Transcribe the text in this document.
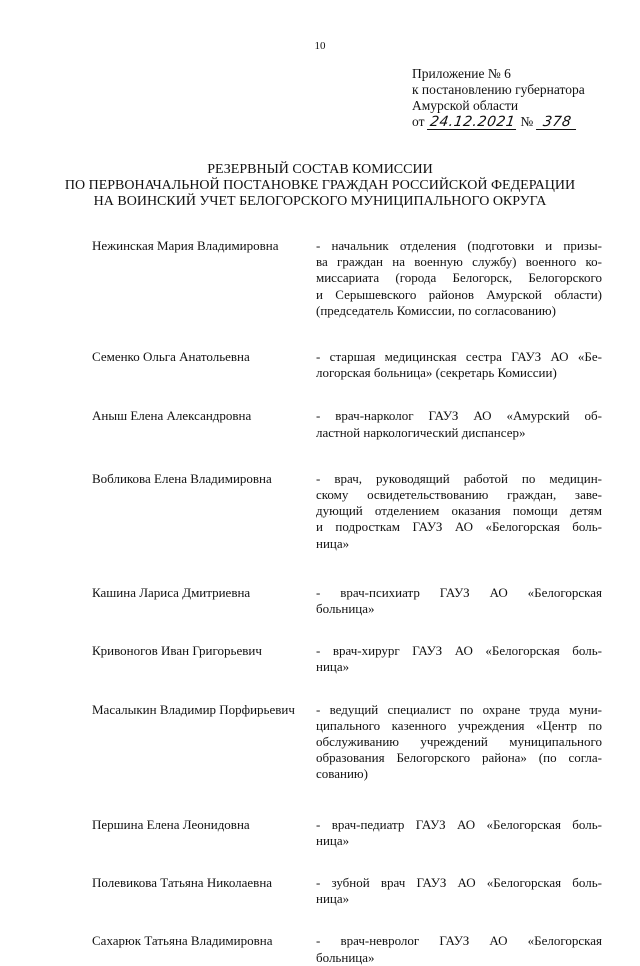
10
Приложение № 6
к постановлению губернатора
Амурской области
от 24.12.2021 № 378
РЕЗЕРВНЫЙ СОСТАВ КОМИССИИ
ПО ПЕРВОНАЧАЛЬНОЙ ПОСТАНОВКЕ ГРАЖДАН РОССИЙСКОЙ ФЕДЕРАЦИИ
НА ВОИНСКИЙ УЧЕТ БЕЛОГОРСКОГО МУНИЦИПАЛЬНОГО ОКРУГА
Нежинская Мария Владимировна	- начальник отделения (подготовки и призы-
ва граждан на военную службу) военного ко-
миссариата (города Белогорск, Белогорского
и Серышевского районов Амурской области)
(председатель Комиссии, по согласованию)
Семенко Ольга Анатольевна	- старшая медицинская сестра ГАУЗ АО «Бе-
логорская больница» (секретарь Комиссии)
Аныш Елена Александровна	- врач-нарколог ГАУЗ АО «Амурский об-
ластной наркологический диспансер»
Вобликова Елена Владимировна	- врач, руководящий работой по медицин-
скому освидетельствованию граждан, заве-
дующий отделением оказания помощи детям
и подросткам ГАУЗ АО «Белогорская боль-
ница»
Кашина Лариса Дмитриевна	- врач-психиатр ГАУЗ АО «Белогорская
больница»
Кривоногов Иван Григорьевич	- врач-хирург ГАУЗ АО «Белогорская боль-
ница»
Масалыкин Владимир Порфирьевич	- ведущий специалист по охране труда муни-
ципального казенного учреждения «Центр по
обслуживанию учреждений муниципального
образования Белогорского района» (по согла-
сованию)
Першина Елена Леонидовна	- врач-педиатр ГАУЗ АО «Белогорская боль-
ница»
Полевикова Татьяна Николаевна	- зубной врач ГАУЗ АО «Белогорская боль-
ница»
Сахарюк Татьяна Владимировна	- врач-невролог ГАУЗ АО «Белогорская
больница»
